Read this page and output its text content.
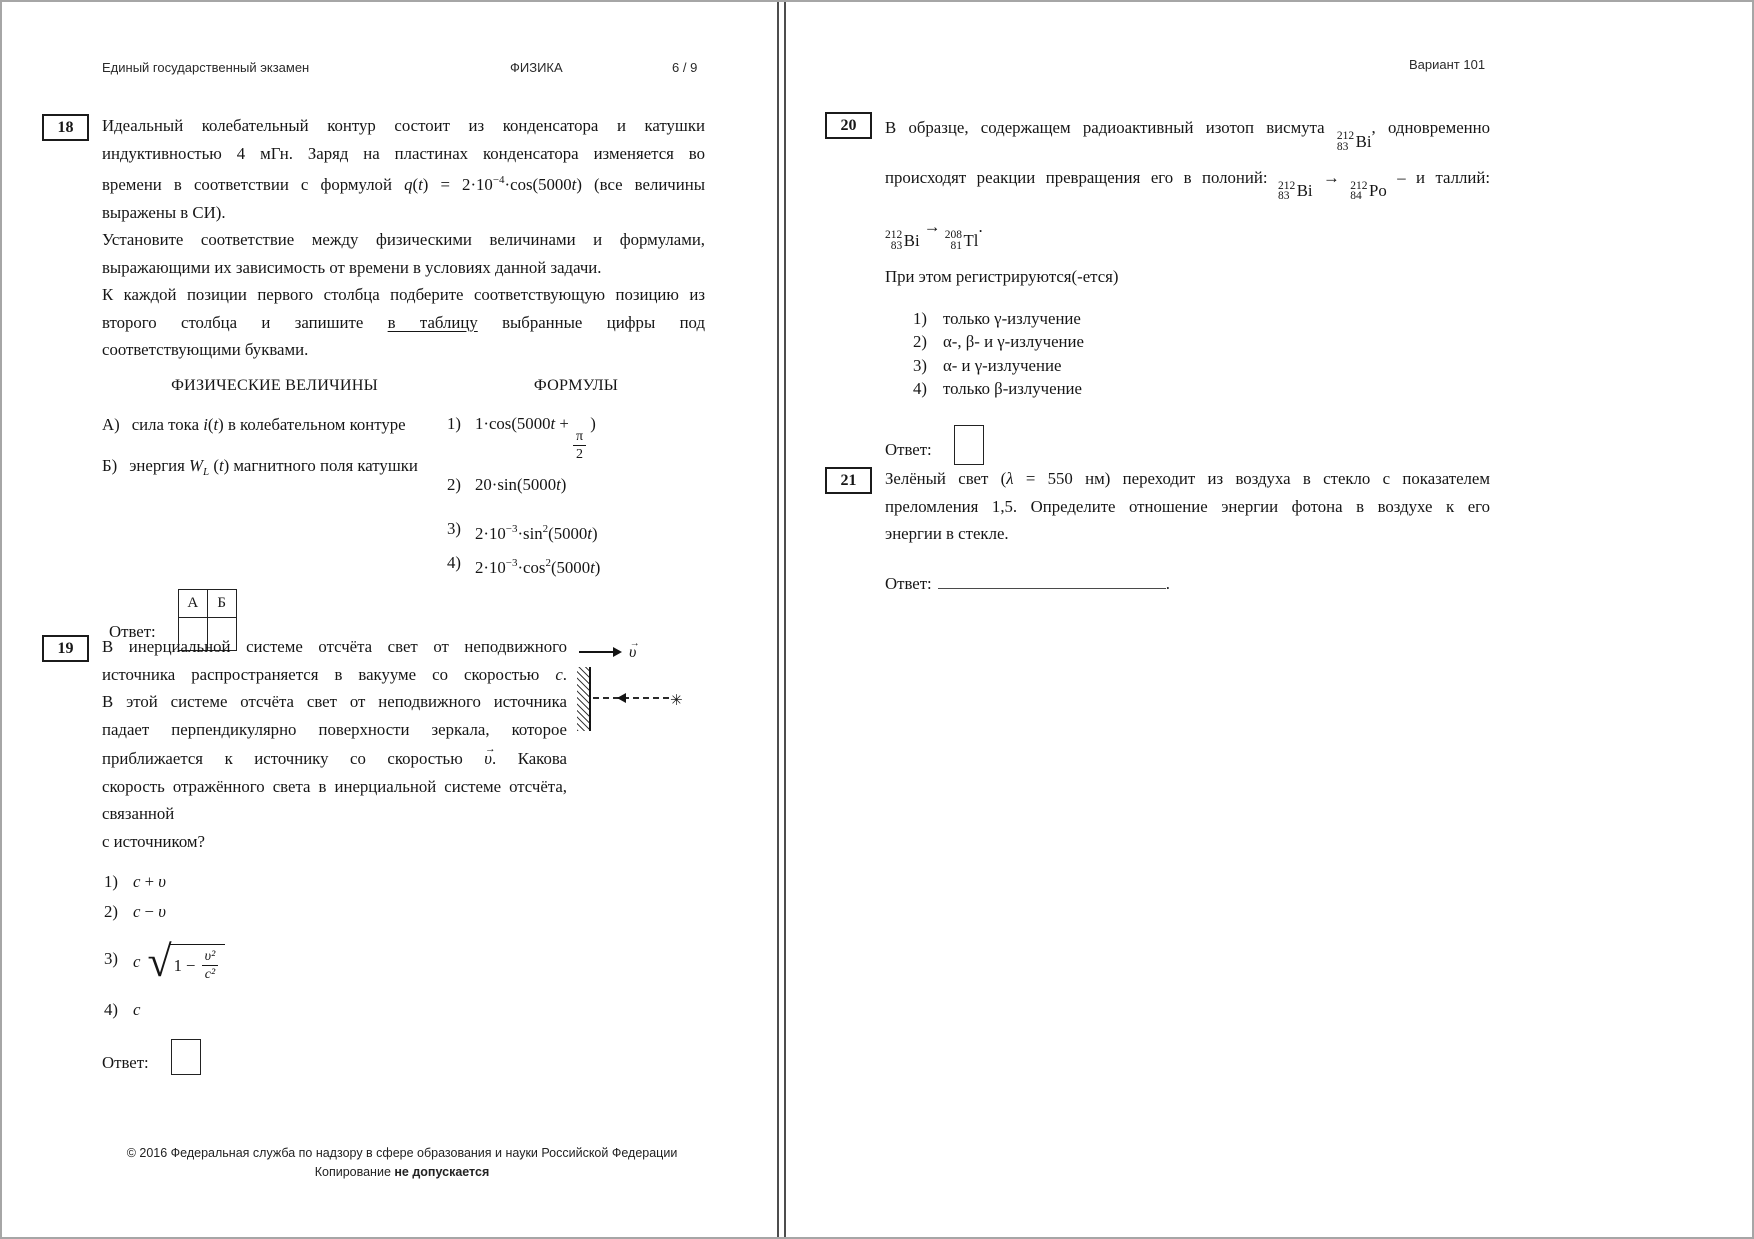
Единый государственный экзамен	ФИЗИКА	6 / 9
18	Идеальный колебательный контур состоит из конденсатора и катушки
индуктивностью 4 мГн. Заряд на пластинах конденсатора изменяется во
времени в соответствии с формулой $q(t) = 2\cdot 10^{-4}\cdot\cos(5000t)$ (все величины
выражены в СИ).
Установите соответствие между физическими величинами и формулами,
выражающими их зависимость от времени в условиях данной задачи.
К каждой позиции первого столбца подберите соответствующую позицию из
второго столбца и запишите в таблицу выбранные цифры под
соответствующими буквами.
ФИЗИЧЕСКИЕ ВЕЛИЧИНЫ
А) сила тока i(t) в колебательном контуре
Б) энергия $W_L$ (t) магнитного поля катушки
ФОРМУЛЫ
1) 1·cos(5000t +
$\frac{\pi}{2}$
)
2) 20·sin(5000t)
3) $2\cdot 10^{-3}\cdot\sin^2(5000t)$
4) $2\cdot 10^{-3}\cdot\cos^2(5000t)$
Ответ:
А	Б

19	→ υ
✳
В инерциальной системе отсчёта свет от неподвижного
источника распространяется в вакууме со скоростью c.
В этой системе отсчёта свет от неподвижного источника
падает перпендикулярно поверхности зеркала, которое
приближается к источнику со скоростью → υ. Какова
скорость отражённого света в инерциальной системе отсчёта, связанной
с источником?
1) c + υ
2) c − υ
3) c √ $1 - \frac{\text{υ²}}{\text{c²}}$
4) c
Ответ:
© 2016 Федеральная служба по надзору в сфере образования и науки Российской Федерации
Копирование не допускается
Вариант 101
20	В образце, содержащем радиоактивный изотоп висмута 212
83 Bi
, одновременно
происходят реакции превращения его в полоний: 212
83 Bi
→ 212
84 Po
– и таллий:
212
83 Bi
→ 208
81 Tl
.
При этом регистрируются(-ется)
1) только γ-излучение
2) α-, β- и γ-излучение
3) α- и γ-излучение
4) только β-излучение
Ответ:
21	Зелёный свет (λ = 550 нм) переходит из воздуха в стекло с показателем
преломления 1,5. Определите отношение энергии фотона в воздухе к его
энергии в стекле.
Ответ:	.
